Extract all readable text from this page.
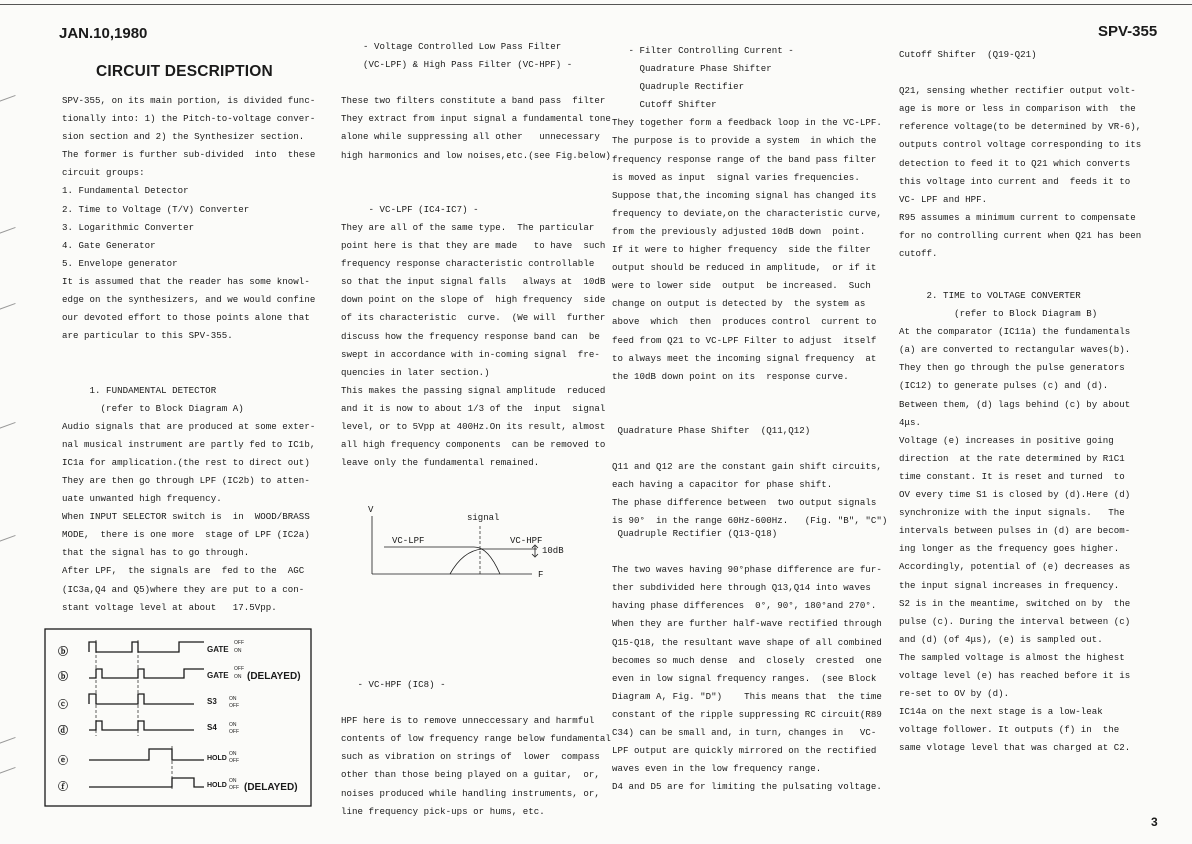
JAN.10,1980	SPV-355
3
CIRCUIT DESCRIPTION
SPV-355, on its main portion, is divided func-
tionally into: 1) the Pitch-to-voltage conver-
sion section and 2) the Synthesizer section.
The former is further sub-divided  into  these
circuit groups:
1. Fundamental Detector
2. Time to Voltage (T/V) Converter
3. Logarithmic Converter
4. Gate Generator
5. Envelope generator
It is assumed that the reader has some knowl-
edge on the synthesizers, and we would confine
our devoted effort to those points alone that
are particular to this SPV-355.

1. FUNDAMENTAL DETECTOR
(refer to Block Diagram A)
Audio signals that are produced at some exter-
nal musical instrument are partly fed to IC1b,
IC1a for amplication.(the rest to direct out)
They are then go through LPF (IC2b) to atten-
uate unwanted high frequency.
When INPUT SELECTOR switch is  in  WOOD/BRASS
MODE,  there is one more  stage of LPF (IC2a)
that the signal has to go through.
After LPF,  the signals are  fed to the  AGC
(IC3a,Q4 and Q5)where they are put to a con-
stant voltage level at about   17.5Vpp.
- Voltage Controlled Low Pass Filter
(VC-LPF) & High Pass Filter (VC-HPF) -

These two filters constitute a band pass  filter
They extract from input signal a fundamental tone
alone while suppressing all other   unnecessary
high harmonics and low noises,etc.(see Fig.below)

- VC-LPF (IC4-IC7) -
They are all of the same type.  The particular
point here is that they are made   to have  such
frequency response characteristic controllable
so that the input signal falls   always at  10dB
down point on the slope of  high frequency  side
of its characteristic  curve.  (We will  further
discuss how the frequency response band can  be
swept in accordance with in-coming signal  fre-
quencies in later section.)
This makes the passing signal amplitude  reduced
and it is now to about 1/3 of the  input  signal
level, or to 5Vpp at 400Hz.On its result, almost
all high frequency components  can be removed to
leave only the fundamental remained.
- VC-HPF (IC8) -

HPF here is to remove unneccessary and harmful
contents of low frequency range below fundamental
such as vibration on strings of  lower  compass
other than those being played on a guitar,  or,
noises produced while handling instruments, or,
line frequency pick-ups or hums, etc.
- Filter Controlling Current -
Quadrature Phase Shifter
Quadruple Rectifier
Cutoff Shifter
They together form a feedback loop in the VC-LPF.
The purpose is to provide a system  in which the
frequency response range of the band pass filter
is moved as input  signal varies frequencies.
Suppose that,the incoming signal has changed its
frequency to deviate,on the characteristic curve,
from the previously adjusted 10dB down  point.
If it were to higher frequency  side the filter
output should be reduced in amplitude,  or if it
were to lower side  output  be increased.  Such
change on output is detected by  the system as
above  which  then  produces control  current to
feed from Q21 to VC-LPF Filter to adjust  itself
to always meet the incoming signal frequency  at
the 10dB down point on its  response curve.

Quadrature Phase Shifter  (Q11,Q12)

Q11 and Q12 are the constant gain shift circuits,
each having a capacitor for phase shift.
The phase difference between  two output signals
is 90°  in the range 60Hz-600Hz.   (Fig. "B", "C")
Quadruple Rectifier (Q13-Q18)

The two waves having 90°phase difference are fur-
ther subdivided here through Q13,Q14 into waves
having phase differences  0°, 90°, 180°and 270°.
When they are further half-wave rectified through
Q15-Q18, the resultant wave shape of all combined
becomes so much dense  and  closely  crested  one
even in low signal frequency ranges.  (see Block
Diagram A, Fig. "D")    This means that  the time
constant of the ripple suppressing RC circuit(R89
C34) can be small and, in turn, changes in   VC-
LPF output are quickly mirrored on the rectified
waves even in the low frequency range.
D4 and D5 are for limiting the pulsating voltage.
Cutoff Shifter  (Q19-Q21)

Q21, sensing whether rectifier output volt-
age is more or less in comparison with  the
reference voltage(to be determined by VR-6),
outputs control voltage corresponding to its
detection to feed it to Q21 which converts
this voltage into current and  feeds it to
VC- LPF and HPF.
R95 assumes a minimum current to compensate
for no controlling current when Q21 has been
cutoff.
2. TIME to VOLTAGE CONVERTER
(refer to Block Diagram B)
At the comparator (IC11a) the fundamentals
(a) are converted to rectangular waves(b).
They then go through the pulse generators
(IC12) to generate pulses (c) and (d).
Between them, (d) lags behind (c) by about
4μs.
Voltage (e) increases in positive going
direction  at the rate determined by R1C1
time constant. It is reset and turned  to
OV every time S1 is closed by (d).Here (d)
synchronize with the input signals.   The
intervals between pulses in (d) are becom-
ing longer as the frequency goes higher.
Accordingly, potential of (e) decreases as
the input signal increases in frequency.
S2 is in the meantime, switched on by  the
pulse (c). During the interval between (c)
and (d) (of 4μs), (e) is sampled out.
The sampled voltage is almost the highest
voltage level (e) has reached before it is
re-set to OV by (d).
IC14a on the next stage is a low-leak
voltage follower. It outputs (f) in  the
same vlotage level that was charged at C2.
V
F
signal
VC-LPF	VC-HPF
10dB
ⓑ	GATE
OFF
ON
ⓑ	GATE
OFF
ON (DELAYED)
ⓒ	S3 ON
OFF
ⓓ	S4 ON
OFF
ⓔ	HOLD
ON
OFF
ⓕ	HOLD
ON
OFF (DELAYED)
